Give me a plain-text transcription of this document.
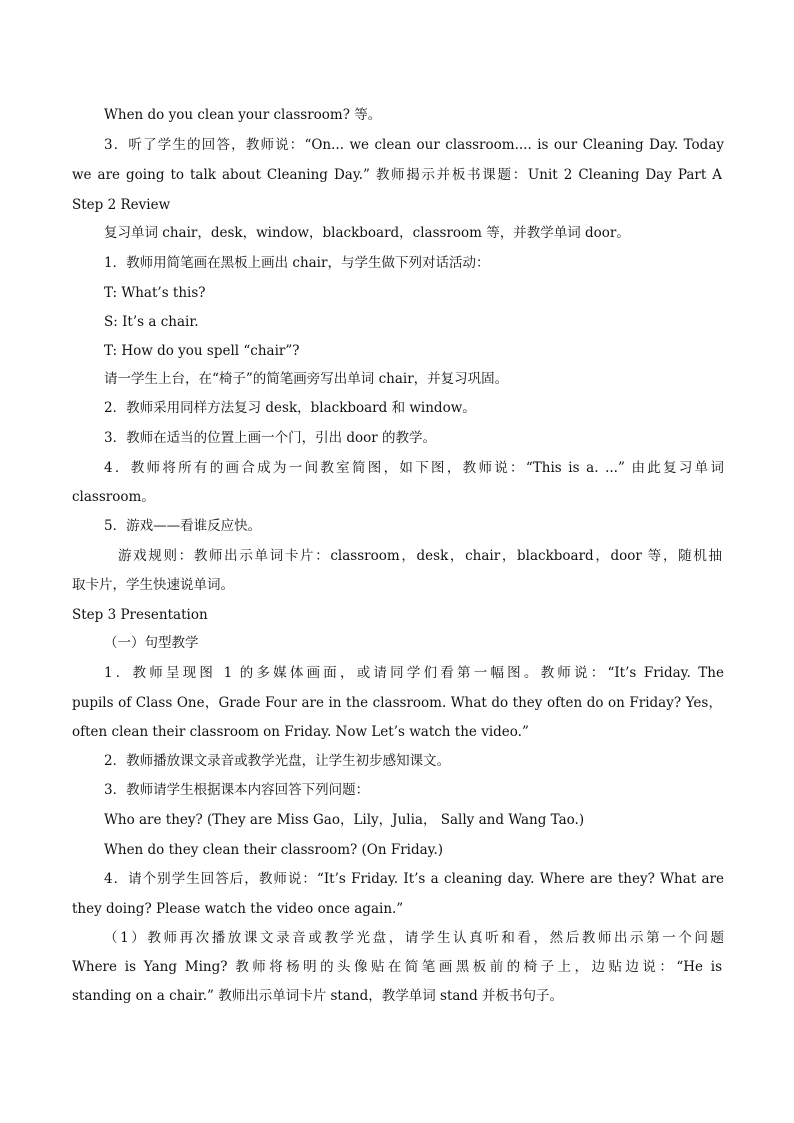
When do you clean your classroom? 等。
3．听了学生的回答，教师说：“On... we clean our classroom.... is our Cleaning Day. Today
we are going to talk about Cleaning Day.” 教师揭示并板书课题：Unit 2 Cleaning Day Part A
Step 2 Review
复习单词 chair，desk，window，blackboard，classroom 等，并教学单词 door。
1．教师用简笔画在黑板上画出 chair，与学生做下列对话活动：
T: What’s this?
S: It’s a chair.
T: How do you spell “chair”?
请一学生上台，在“椅子”的简笔画旁写出单词 chair，并复习巩固。
2．教师采用同样方法复习 desk，blackboard 和 window。
3．教师在适当的位置上画一个门，引出 door 的教学。
4．教师将所有的画合成为一间教室简图，如下图，教师说：“This is a. ...” 由此复习单词
classroom。
5．游戏——看谁反应快。
游戏规则：教师出示单词卡片：classroom，desk，chair，blackboard，door 等，随机抽
取卡片，学生快速说单词。
Step 3 Presentation
（一）句型教学
1．教师呈现图 1 的多媒体画面，或请同学们看第一幅图。教师说：“It’s Friday. The
pupils of Class One，Grade Four are in the classroom. What do they often do on Friday? Yes，
often clean their classroom on Friday. Now Let’s watch the video.”
2．教师播放课文录音或教学光盘，让学生初步感知课文。
3．教师请学生根据课本内容回答下列问题：
Who are they? (They are Miss Gao，Lily，Julia， Sally and Wang Tao.)
When do they clean their classroom? (On Friday.)
4．请个别学生回答后，教师说：“It’s Friday. It’s a cleaning day. Where are they? What are
they doing? Please watch the video once again.”
（1）教师再次播放课文录音或教学光盘，请学生认真听和看，然后教师出示第一个问题
Where is Yang Ming? 教师将杨明的头像贴在简笔画黑板前的椅子上，边贴边说：“He is
standing on a chair.” 教师出示单词卡片 stand，教学单词 stand 并板书句子。
